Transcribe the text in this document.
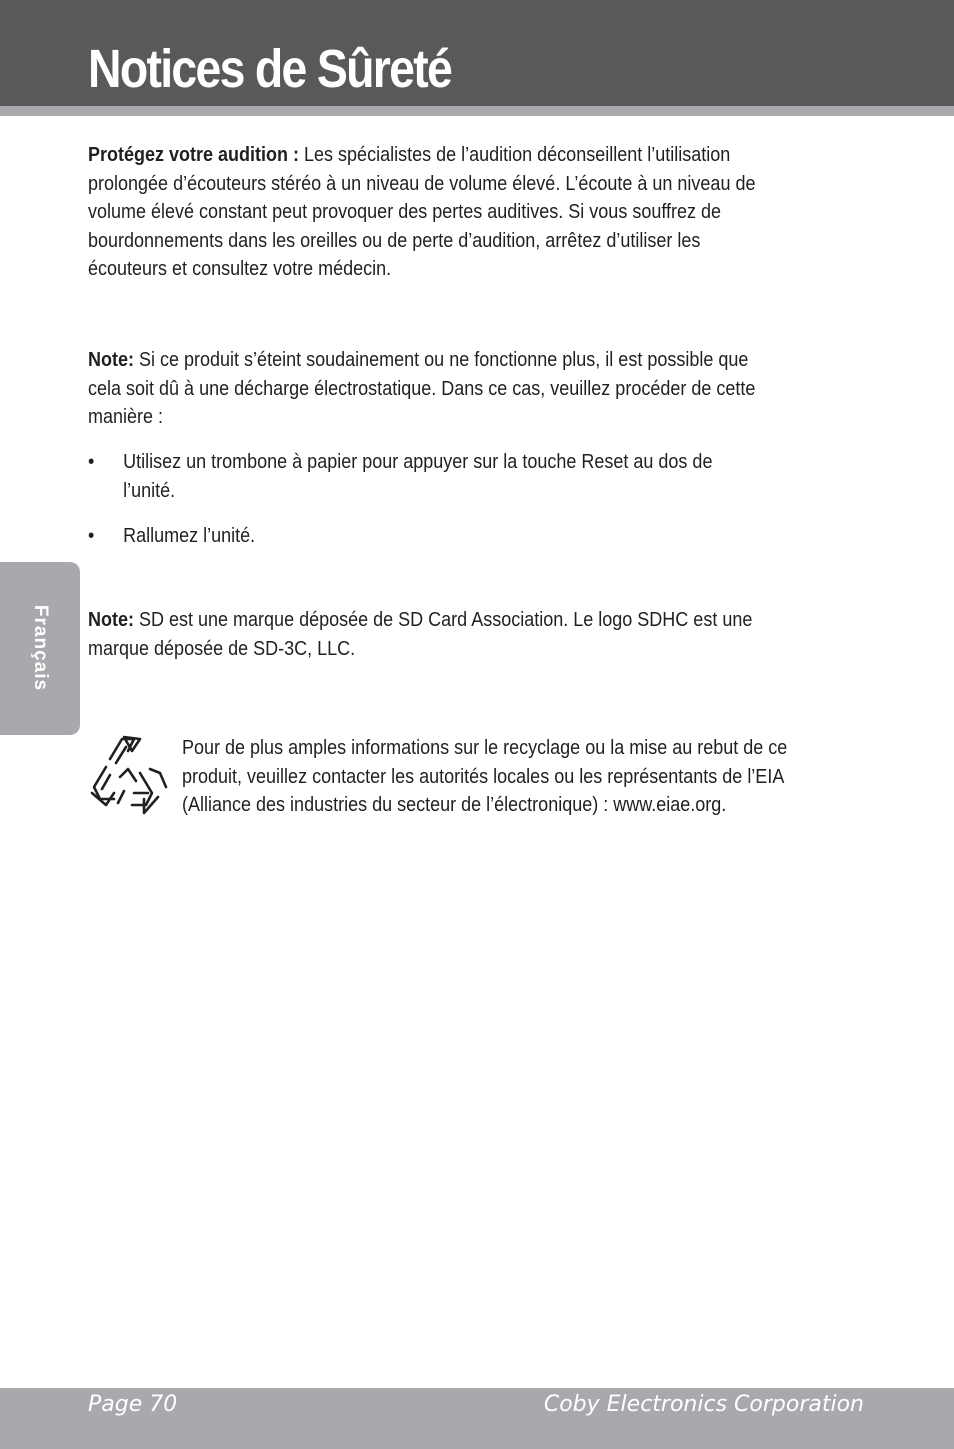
Notices de Sûreté
Français

Protégez votre audition : Les spécialistes de l’audition déconseillent l’utilisation prolongée d’écouteurs stéréo à un niveau de volume élevé. L’écoute à un niveau de volume élevé constant peut provoquer des pertes auditives. Si vous souffrez de bourdonnements dans les oreilles ou de perte d’audition, arrêtez d’utiliser les écouteurs et consultez votre médecin.

Note: Si ce produit s’éteint soudainement ou ne fonctionne plus, il est possible que cela soit dû à une décharge électrostatique. Dans ce cas, veuillez procéder de cette manière :

• Utilisez un trombone à papier pour appuyer sur la touche Reset au dos de l’unité.
• Rallumez l’unité.

Note: SD est une marque déposée de SD Card Association. Le logo SDHC est une marque déposée de SD-3C, LLC.

Pour de plus amples informations sur le recyclage ou la mise au rebut de ce produit, veuillez contacter les autorités locales ou les représentants de l’EIA (Alliance des industries du secteur de l’électronique) : www.eiae.org.

Page 70	Coby Electronics Corporation
